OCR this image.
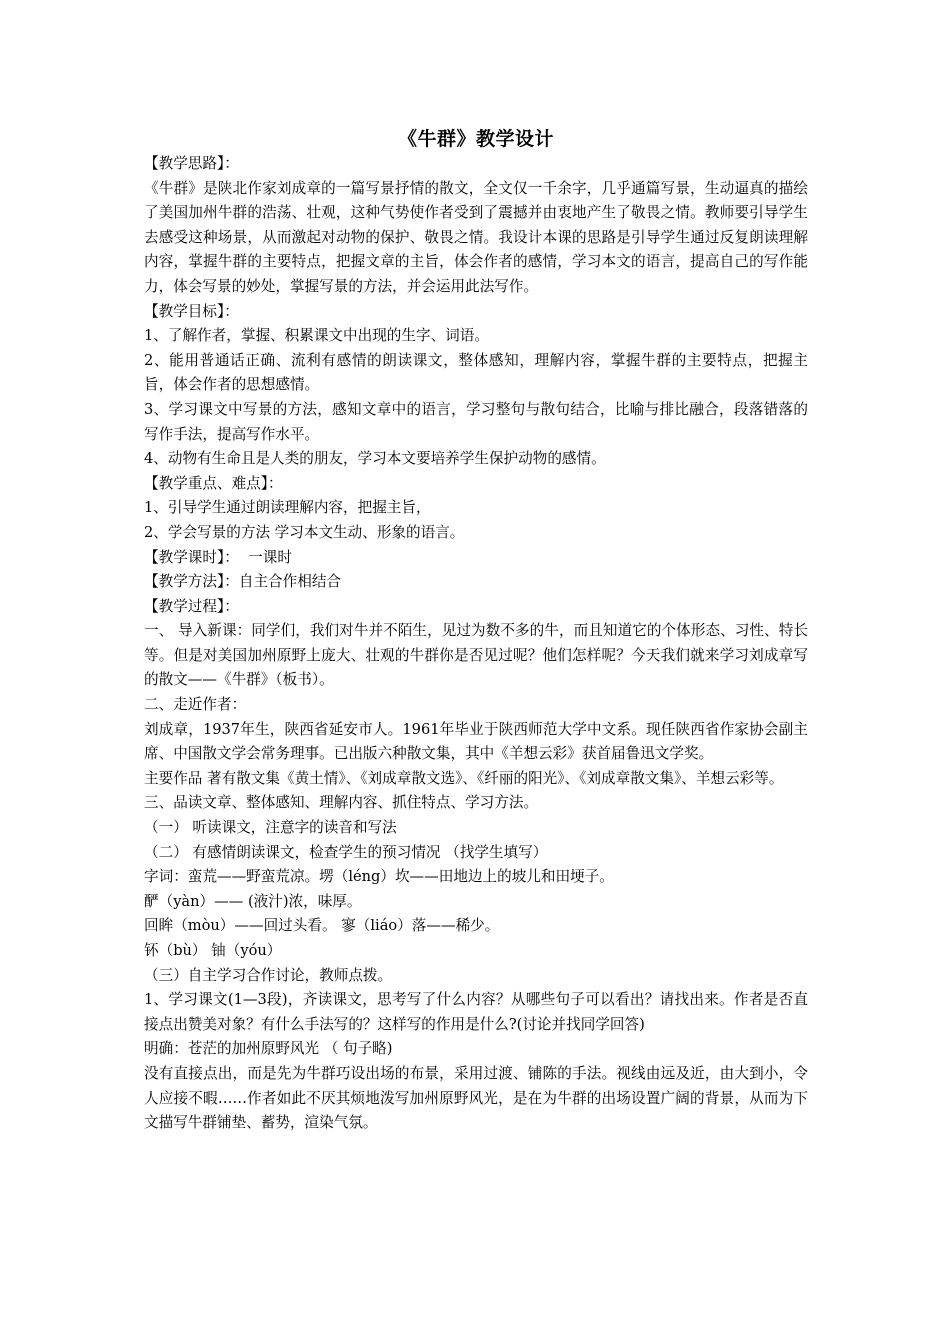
《牛群》教学设计
【教学思路】：
《牛群》是陕北作家刘成章的一篇写景抒情的散文，全文仅一千余字，几乎通篇写景，生动逼真的描绘了美国加州牛群的浩荡、壮观，这种气势使作者受到了震撼并由衷地产生了敬畏之情。教师要引导学生去感受这种场景，从而激起对动物的保护、敬畏之情。我设计本课的思路是引导学生通过反复朗读理解内容，掌握牛群的主要特点，把握文章的主旨，体会作者的感情，学习本文的语言，提高自己的写作能力，体会写景的妙处，掌握写景的方法，并会运用此法写作。
【教学目标】：
1、了解作者，掌握、积累课文中出现的生字、词语。
2、能用普通话正确、流利有感情的朗读课文，整体感知，理解内容，掌握牛群的主要特点，把握主旨，体会作者的思想感情。
3、学习课文中写景的方法，感知文章中的语言，学习整句与散句结合，比喻与排比融合，段落错落的写作手法，提高写作水平。
4、动物有生命且是人类的朋友，学习本文要培养学生保护动物的感情。
【教学重点、难点】：
1、引导学生通过朗读理解内容，把握主旨，
2、学会写景的方法 学习本文生动、形象的语言。
【教学课时】：  一课时
【教学方法】：自主合作相结合
【教学过程】：
一、 导入新课：同学们，我们对牛并不陌生，见过为数不多的牛，而且知道它的个体形态、习性、特长等。但是对美国加州原野上庞大、壮观的牛群你是否见过呢？他们怎样呢？今天我们就来学习刘成章写的散文——《牛群》（板书）。
二、走近作者：
刘成章，1937年生，陕西省延安市人。1961年毕业于陕西师范大学中文系。现任陕西省作家协会副主席、中国散文学会常务理事。已出版六种散文集，其中《羊想云彩》获首届鲁迅文学奖。
主要作品 著有散文集《黄土情》、《刘成章散文选》、《纤丽的阳光》、《刘成章散文集》、羊想云彩等。
三、品读文章、整体感知、理解内容、抓住特点、学习方法。
（一） 听读课文，注意字的读音和写法
（二） 有感情朗读课文，检查学生的预习情况 （找学生填写）
字词：蛮荒——野蛮荒凉。塄（léng）坎——田地边上的坡儿和田埂子。
酽（yàn）—— (液汁)浓，味厚。
回眸（mòu）——回过头看。 寥（liáo）落——稀少。
钚（bù） 铀（yóu）
（三）自主学习合作讨论，教师点拨。
1、学习课文(1—3段)，齐读课文，思考写了什么内容？从哪些句子可以看出？请找出来。作者是否直接点出赞美对象？有什么手法写的？这样写的作用是什么?(讨论并找同学回答)
明确：苍茫的加州原野风光 （ 句子略)
没有直接点出，而是先为牛群巧设出场的布景，采用过渡、铺陈的手法。视线由远及近，由大到小，令人应接不暇……作者如此不厌其烦地泼写加州原野风光，是在为牛群的出场设置广阔的背景，从而为下文描写牛群铺垫、蓄势，渲染气氛。
